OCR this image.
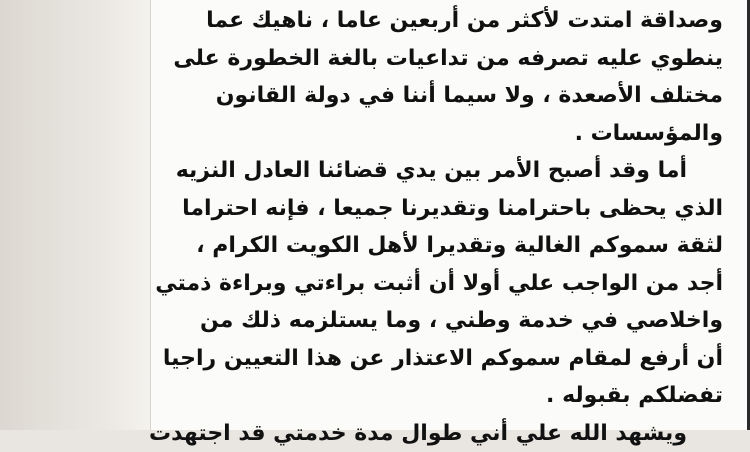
وصداقة امتدت لأكثر من أربعين عاما ، ناهيك عما
ينطوي عليه تصرفه من تداعيات بالغة الخطورة على
مختلف الأصعدة ، ولا سيما أننا في دولة القانون
والمؤسسات .
أما وقد أصبح الأمر بين يدي قضائنا العادل النزيه
الذي يحظى باحترامنا وتقديرنا جميعا ، فإنه احتراما
لثقة سموكم الغالية وتقديرا لأهل الكويت الكرام ،
أجد من الواجب علي أولا أن أثبت براءتي وبراءة ذمتي
واخلاصي في خدمة وطني ، وما يستلزمه ذلك من
أن أرفع لمقام سموكم الاعتذار عن هذا التعيين راجيا
تفضلكم بقبوله .
ويشهد الله علي أني طوال مدة خدمتي قد اجتهدت
